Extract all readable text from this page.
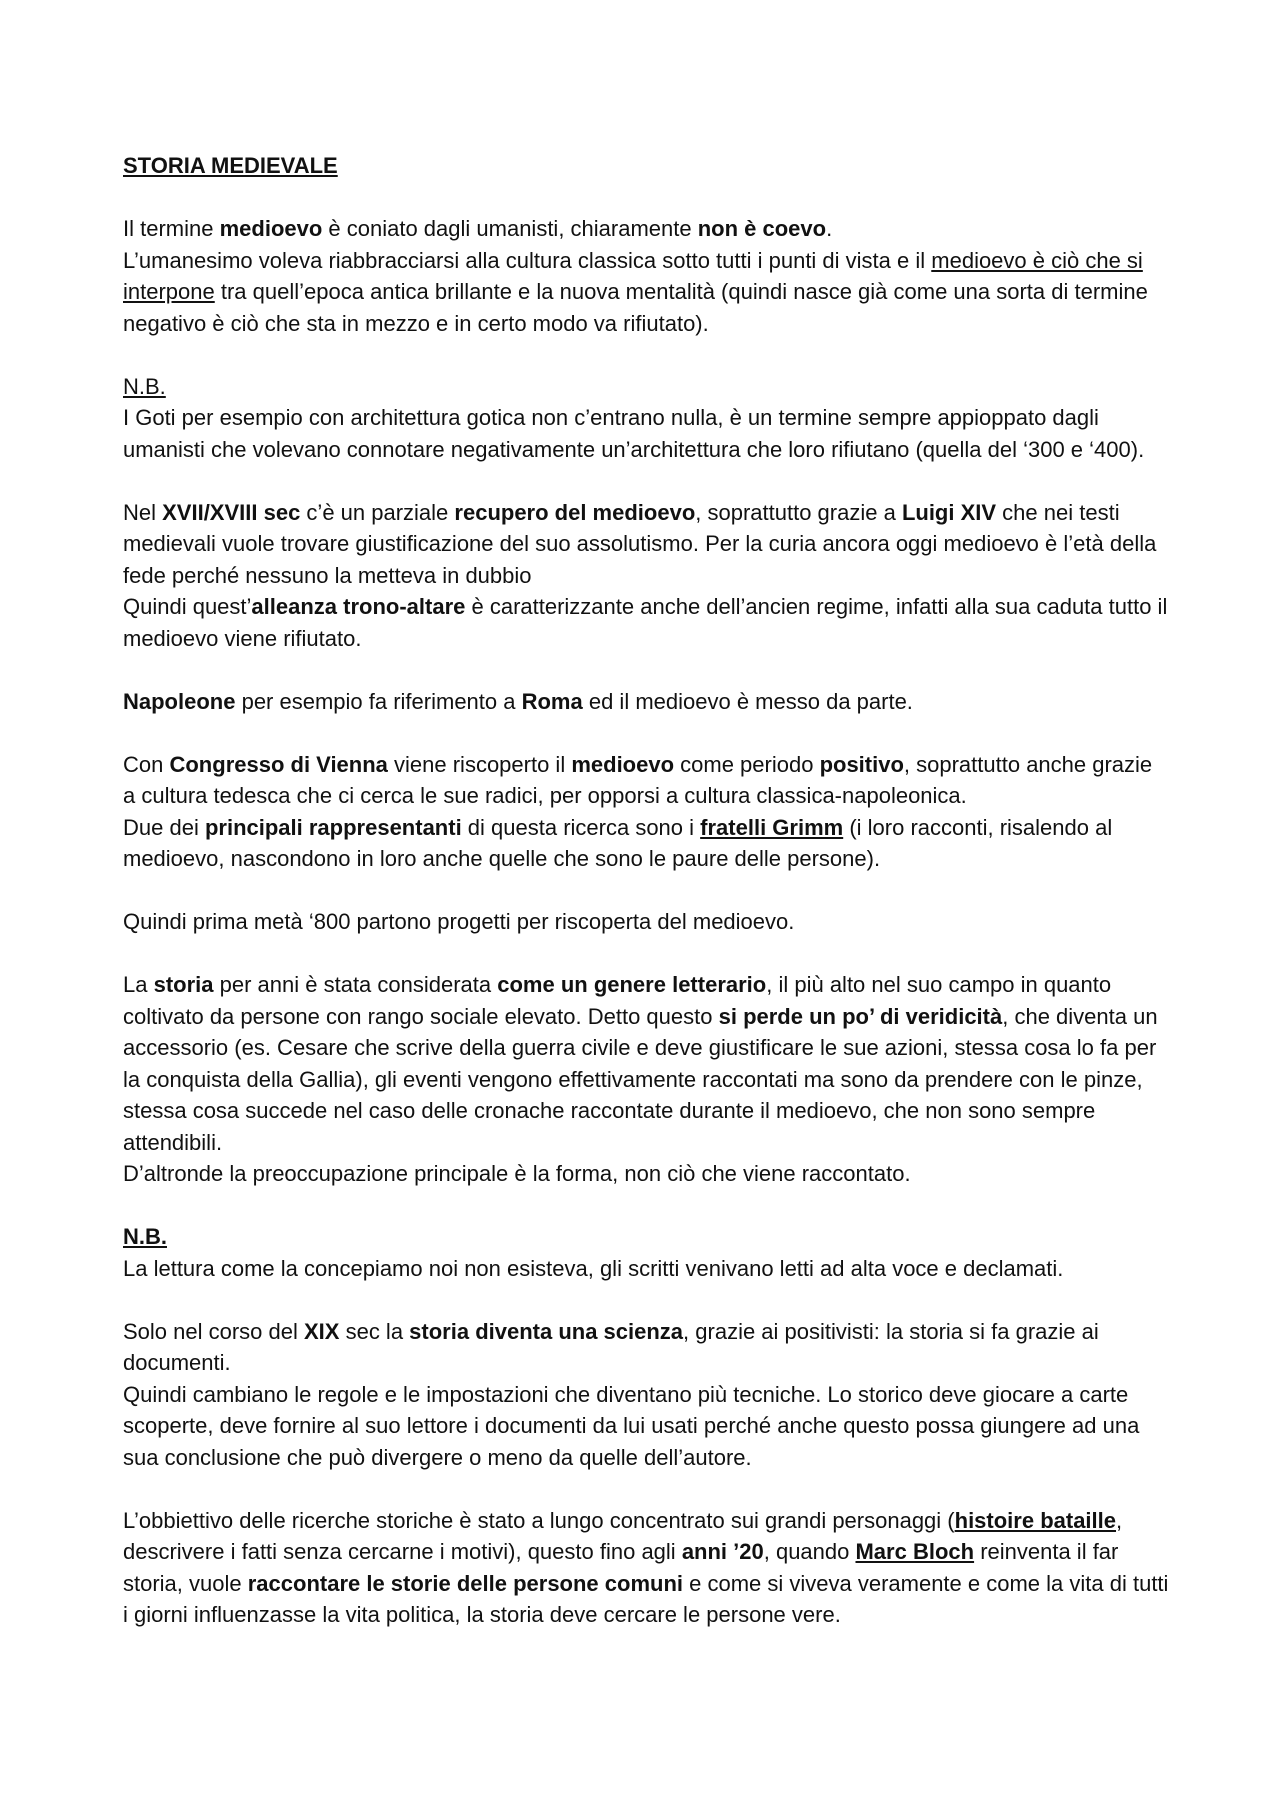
STORIA MEDIEVALE

Il termine medioevo è coniato dagli umanisti, chiaramente non è coevo.

L’umanesimo voleva riabbracciarsi alla cultura classica sotto tutti i punti di vista e il medioevo è ciò che si interpone tra quell’epoca antica brillante e la nuova mentalità (quindi nasce già come una sorta di termine negativo è ciò che sta in mezzo e in certo modo va rifiutato).

N.B.

I Goti per esempio con architettura gotica non c’entrano nulla, è un termine sempre appioppato dagli umanisti che volevano connotare negativamente un’architettura che loro rifiutano (quella del ‘300 e ‘400).

Nel XVII/XVIII sec c’è un parziale recupero del medioevo, soprattutto grazie a Luigi XIV che nei testi medievali vuole trovare giustificazione del suo assolutismo. Per la curia ancora oggi medioevo è l’età della fede perché nessuno la metteva in dubbio

Quindi quest’alleanza trono-altare è caratterizzante anche dell’ancien regime, infatti alla sua caduta tutto il medioevo viene rifiutato.

Napoleone per esempio fa riferimento a Roma ed il medioevo è messo da parte.

Con Congresso di Vienna viene riscoperto il medioevo come periodo positivo, soprattutto anche grazie a cultura tedesca che ci cerca le sue radici, per opporsi a cultura classica-napoleonica.

Due dei principali rappresentanti di questa ricerca sono i fratelli Grimm (i loro racconti, risalendo al medioevo, nascondono in loro anche quelle che sono le paure delle persone).

Quindi prima metà ‘800 partono progetti per riscoperta del medioevo.

La storia per anni è stata considerata come un genere letterario, il più alto nel suo campo in quanto coltivato da persone con rango sociale elevato. Detto questo si perde un po’ di veridicità, che diventa un accessorio (es. Cesare che scrive della guerra civile e deve giustificare le sue azioni, stessa cosa lo fa per la conquista della Gallia), gli eventi vengono effettivamente raccontati ma sono da prendere con le pinze, stessa cosa succede nel caso delle cronache raccontate durante il medioevo, che non sono sempre attendibili.

D’altronde la preoccupazione principale è la forma, non ciò che viene raccontato.

N.B.

La lettura come la concepiamo noi non esisteva, gli scritti venivano letti ad alta voce e declamati.

Solo nel corso del XIX sec la storia diventa una scienza, grazie ai positivisti: la storia si fa grazie ai documenti.

Quindi cambiano le regole e le impostazioni che diventano più tecniche. Lo storico deve giocare a carte scoperte, deve fornire al suo lettore i documenti da lui usati perché anche questo possa giungere ad una sua conclusione che può divergere o meno da quelle dell’autore.

L’obbiettivo delle ricerche storiche è stato a lungo concentrato sui grandi personaggi (histoire bataille, descrivere i fatti senza cercarne i motivi), questo fino agli anni ’20, quando Marc Bloch reinventa il far storia, vuole raccontare le storie delle persone comuni e come si viveva veramente e come la vita di tutti i giorni influenzasse la vita politica, la storia deve cercare le persone vere.
